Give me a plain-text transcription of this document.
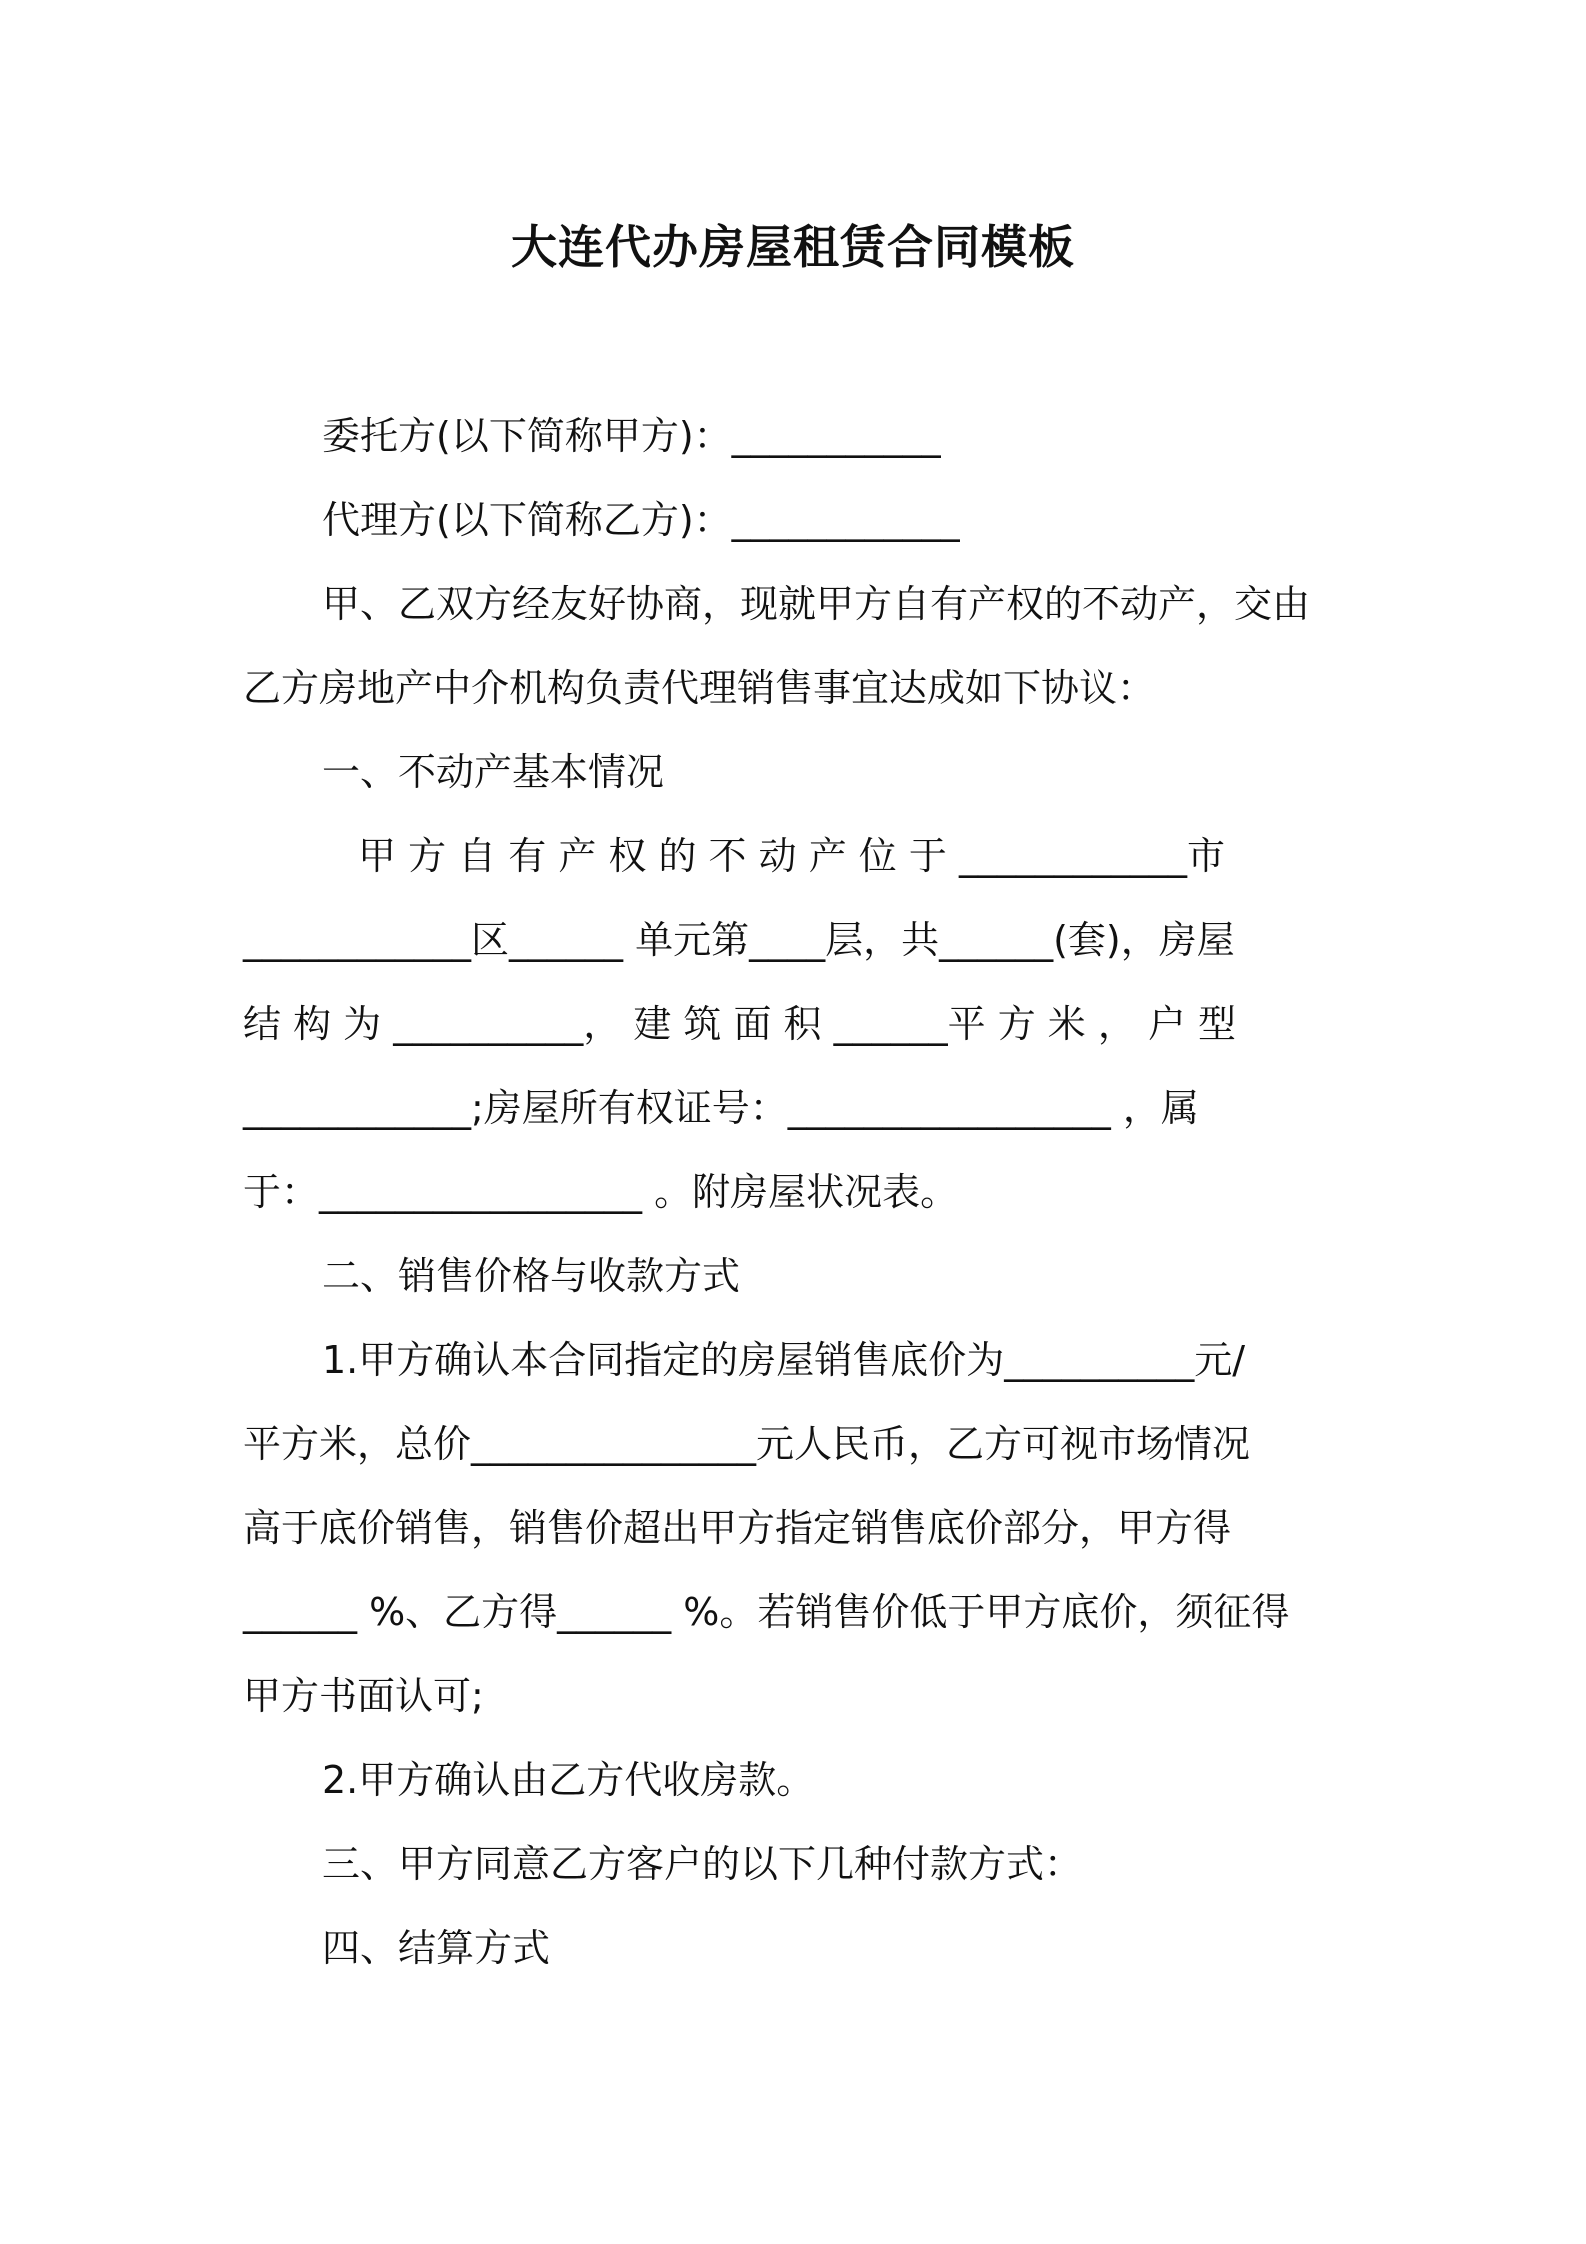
大连代办房屋租赁合同模板
委托方(以下简称甲方)：___________
代理方(以下简称乙方)：____________
甲、乙双方经友好协商，现就甲方自有产权的不动产，交由
乙方房地产中介机构负责代理销售事宜达成如下协议：
一、不动产基本情况
甲 方 自 有 产 权 的 不 动 产 位 于 ____________市
____________区______ 单元第____层，共______(套)，房屋
结 构 为 __________， 建 筑 面 积 ______平 方 米 ， 户 型
____________;房屋所有权证号：_________________ ，属
于：_________________ 。附房屋状况表。
二、销售价格与收款方式
1.甲方确认本合同指定的房屋销售底价为__________元/
平方米，总价_______________元人民币，乙方可视市场情况
高于底价销售，销售价超出甲方指定销售底价部分，甲方得
______ %、乙方得______ %。若销售价低于甲方底价，须征得
甲方书面认可;
2.甲方确认由乙方代收房款。
三、甲方同意乙方客户的以下几种付款方式：
四、结算方式
